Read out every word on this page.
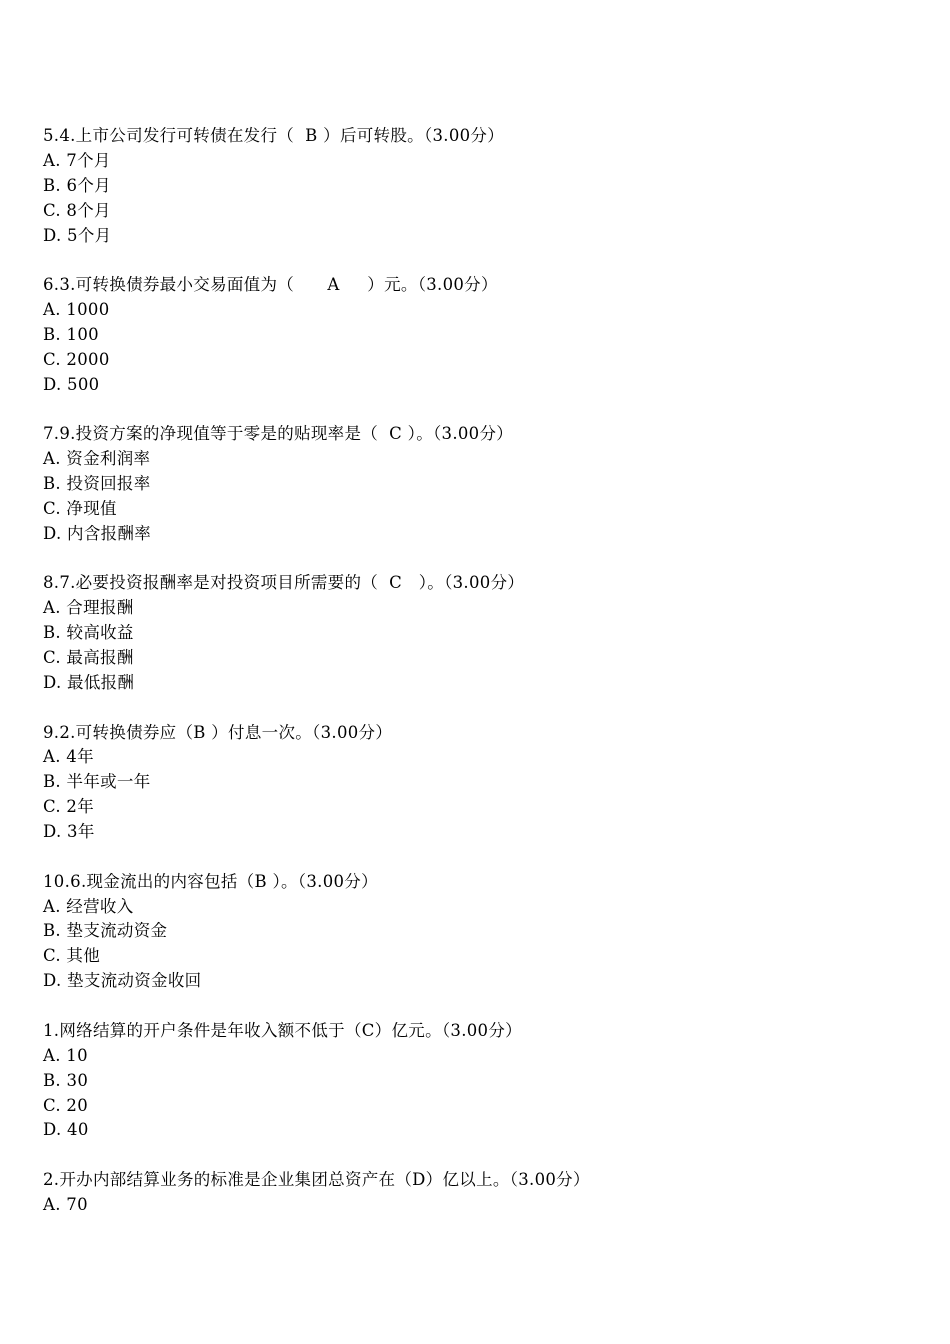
5.4.上市公司发行可转债在发行（  B ）后可转股。（3.00分）
A. 7个月
B. 6个月
C. 8个月
D. 5个月
6.3.可转换债券最小交易面值为（      A     ）元。（3.00分）
A. 1000
B. 100
C. 2000
D. 500
7.9.投资方案的净现值等于零是的贴现率是（  C ）。（3.00分）
A. 资金利润率
B. 投资回报率
C. 净现值
D. 内含报酬率
8.7.必要投资报酬率是对投资项目所需要的（  C   ）。（3.00分）
A. 合理报酬
B. 较高收益
C. 最高报酬
D. 最低报酬
9.2.可转换债券应（B ）付息一次。（3.00分）
A. 4年
B. 半年或一年
C. 2年
D. 3年
10.6.现金流出的内容包括（B ）。（3.00分）
A. 经营收入
B. 垫支流动资金
C. 其他
D. 垫支流动资金收回
1.网络结算的开户条件是年收入额不低于（C）亿元。（3.00分）
A. 10
B. 30
C. 20
D. 40
2.开办内部结算业务的标准是企业集团总资产在（D）亿以上。（3.00分）
A. 70
